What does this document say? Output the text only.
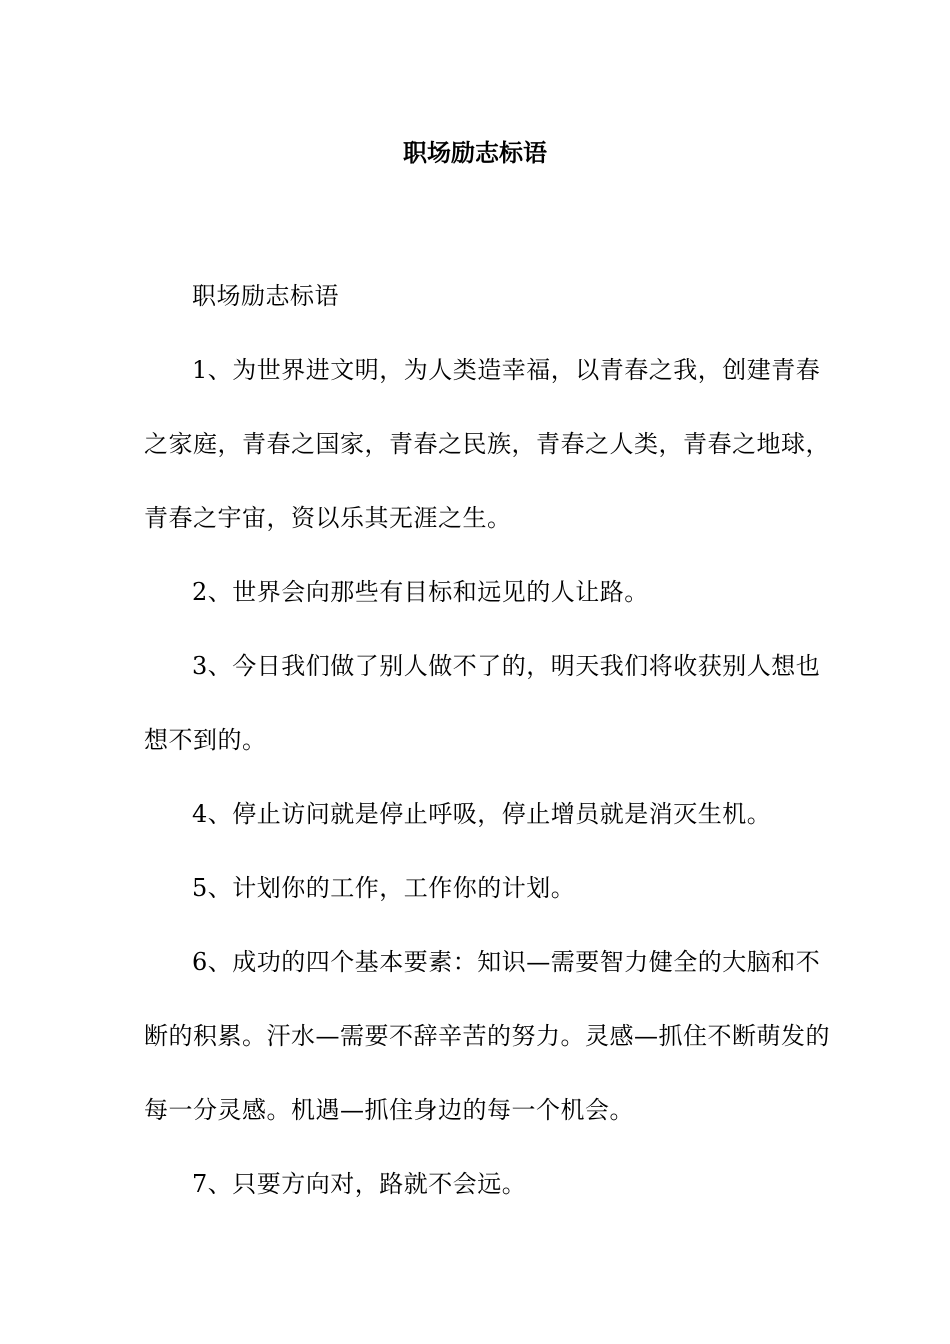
职场励志标语

职场励志标语

1、为世界进文明，为人类造幸福，以青春之我，创建青春之家庭，青春之国家，青春之民族，青春之人类，青春之地球，青春之宇宙，资以乐其无涯之生。

2、世界会向那些有目标和远见的人让路。

3、今日我们做了别人做不了的，明天我们将收获别人想也想不到的。

4、停止访问就是停止呼吸，停止增员就是消灭生机。

5、计划你的工作，工作你的计划。

6、成功的四个基本要素：知识—需要智力健全的大脑和不断的积累。汗水—需要不辞辛苦的努力。灵感—抓住不断萌发的每一分灵感。机遇—抓住身边的每一个机会。

7、只要方向对，路就不会远。
